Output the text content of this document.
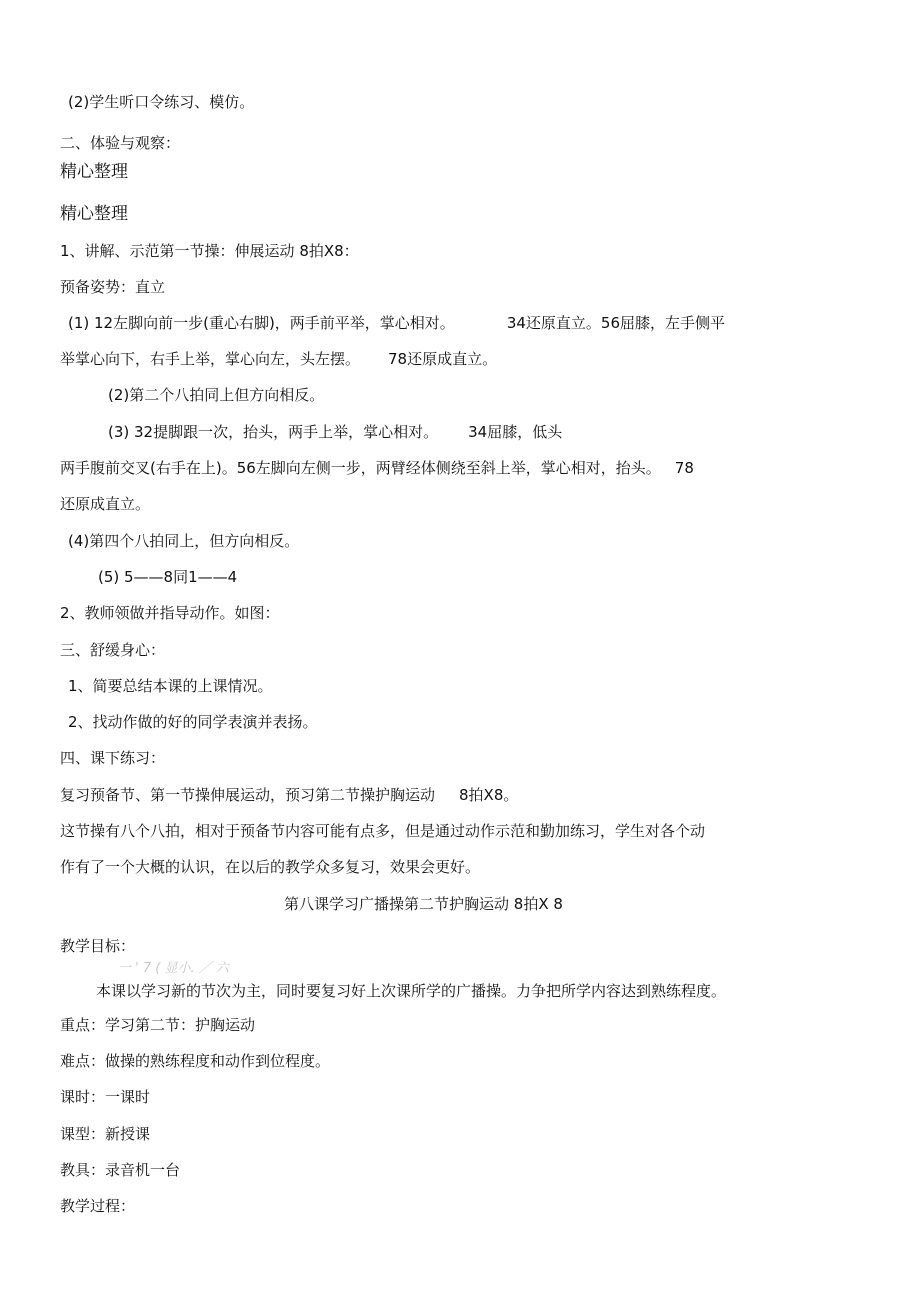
(2)学生听口令练习、模仿。
二、体验与观察：
精心整理
精心整理
1、讲解、示范第一节操：伸展运动 8拍X8：
预备姿势：直立
(1) 12左脚向前一步(重心右脚)，两手前平举，掌心相对。	34还原直立。56屈膝，左手侧平
举掌心向下，右手上举，掌心向左，头左摆。 78还原成直立。
(2)第二个八拍同上但方向相反。
(3) 32提脚跟一次，抬头，两手上举，掌心相对。 34屈膝，低头
两手腹前交叉(右手在上)。56左脚向左侧一步，两臂经体侧绕至斜上举，掌心相对，抬头。 78
还原成直立。
(4)第四个八拍同上，但方向相反。
(5) 5——8同1——4
2、教师领做并指导动作。如图：
三、舒缓身心：
1、简要总结本课的上课情况。
2、找动作做的好的同学表演并表扬。
四、课下练习：
复习预备节、第一节操伸展运动，预习第二节操护胸运动 8拍X8。
这节操有八个八拍，相对于预备节内容可能有点多，但是通过动作示范和勤加练习，学生对各个动
作有了一个大概的认识，在以后的教学众多复习，效果会更好。
第八课学习广播操第二节护胸运动 8拍X 8
教学目标：
一 ' 7 ( 显小. ／ 六
本课以学习新的节次为主，同时要复习好上次课所学的广播操。力争把所学内容达到熟练程度。
重点：学习第二节：护胸运动
难点：做操的熟练程度和动作到位程度。
课时：一课时
课型：新授课
教具：录音机一台
教学过程：
